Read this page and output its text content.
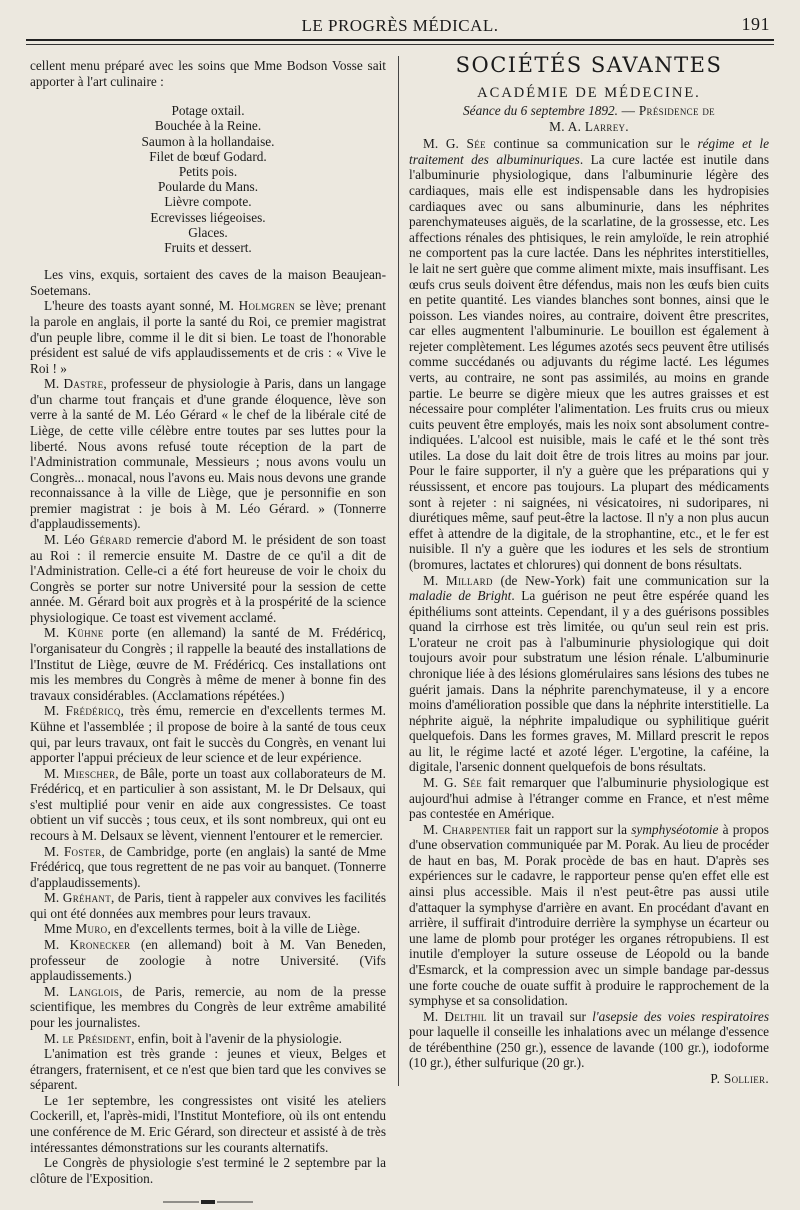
LE PROGRÈS MÉDICAL.	191

cellent menu préparé avec les soins que Mme Bodson Vosse sait apporter à l'art culinaire :

Potage oxtail.
Bouchée à la Reine.
Saumon à la hollandaise.
Filet de bœuf Godard.
Petits pois.
Poularde du Mans.
Lièvre compote.
Ecrevisses liégeoises.
Glaces.
Fruits et dessert.

Les vins, exquis, sortaient des caves de la maison Beaujean-Soetemans.

L'heure des toasts ayant sonné, M. Holmgren se lève; prenant la parole en anglais, il porte la santé du Roi, ce premier magistrat d'un peuple libre, comme il le dit si bien. Le toast de l'honorable président est salué de vifs applaudissements et de cris : « Vive le Roi ! »

M. Dastre, professeur de physiologie à Paris, dans un langage d'un charme tout français et d'une grande éloquence, lève son verre à la santé de M. Léo Gérard « le chef de la libérale cité de Liège, de cette ville célèbre entre toutes par ses luttes pour la liberté. Nous avons refusé toute réception de la part de l'Administration communale, Messieurs ; nous avons voulu un Congrès... monacal, nous l'avons eu. Mais nous devons une grande reconnaissance à la ville de Liège, que je personnifie en son premier magistrat : je bois à M. Léo Gérard. » (Tonnerre d'applaudissements).

M. Léo Gérard remercie d'abord M. le président de son toast au Roi : il remercie ensuite M. Dastre de ce qu'il a dit de l'Administration. Celle-ci a été fort heureuse de voir le choix du Congrès se porter sur notre Université pour la session de cette année. M. Gérard boit aux progrès et à la prospérité de la science physiologique. Ce toast est vivement acclamé.

M. Kühne porte (en allemand) la santé de M. Frédéricq, l'organisateur du Congrès ; il rappelle la beauté des installations de l'Institut de Liège, œuvre de M. Frédéricq. Ces installations ont mis les membres du Congrès à même de mener à bonne fin des travaux considérables. (Acclamations répétées.)

M. Frédéricq, très ému, remercie en d'excellents termes M. Kühne et l'assemblée ; il propose de boire à la santé de tous ceux qui, par leurs travaux, ont fait le succès du Congrès, en venant lui apporter l'appui précieux de leur science et de leur expérience.

M. Miescher, de Bâle, porte un toast aux collaborateurs de M. Frédéricq, et en particulier à son assistant, M. le Dr Delsaux, qui s'est multiplié pour venir en aide aux congressistes. Ce toast obtient un vif succès ; tous ceux, et ils sont nombreux, qui ont eu recours à M. Delsaux se lèvent, viennent l'entourer et le remercier.

M. Foster, de Cambridge, porte (en anglais) la santé de Mme Frédéricq, que tous regrettent de ne pas voir au banquet. (Tonnerre d'applaudissements).

M. Gréhant, de Paris, tient à rappeler aux convives les facilités qui ont été données aux membres pour leurs travaux.

Mme Muro, en d'excellents termes, boit à la ville de Liège.

M. Kronecker (en allemand) boit à M. Van Beneden, professeur de zoologie à notre Université. (Vifs applaudissements.)

M. Langlois, de Paris, remercie, au nom de la presse scientifique, les membres du Congrès de leur extrême amabilité pour les journalistes.

M. le Président, enfin, boit à l'avenir de la physiologie.

L'animation est très grande : jeunes et vieux, Belges et étrangers, fraternisent, et ce n'est que bien tard que les convives se séparent.

Le 1er septembre, les congressistes ont visité les ateliers Cockerill, et, l'après-midi, l'Institut Montefiore, où ils ont entendu une conférence de M. Eric Gérard, son directeur et assisté à de très intéressantes démonstrations sur les courants alternatifs.

Le Congrès de physiologie s'est terminé le 2 septembre par la clôture de l'Exposition.

SOCIÉTÉS SAVANTES
ACADÉMIE DE MÉDECINE.
Séance du 6 septembre 1892. — Présidence de
M. A. Larrey.

M. G. Sée continue sa communication sur le régime et le traitement des albuminuriques. La cure lactée est inutile dans l'albuminurie physiologique, dans l'albuminurie légère des cardiaques, mais elle est indispensable dans les hydropisies cardiaques avec ou sans albuminurie, dans les néphrites parenchymateuses aiguës, de la scarlatine, de la grossesse, etc. Les affections rénales des phtisiques, le rein amyloïde, le rein atrophié ne comportent pas la cure lactée. Dans les néphrites interstitielles, le lait ne sert guère que comme aliment mixte, mais insuffisant. Les œufs crus seuls doivent être défendus, mais non les œufs bien cuits en petite quantité. Les viandes blanches sont bonnes, ainsi que le poisson. Les viandes noires, au contraire, doivent être prescrites, car elles augmentent l'albuminurie. Le bouillon est également à rejeter complètement. Les légumes azotés secs peuvent être utilisés comme succédanés ou adjuvants du régime lacté. Les légumes verts, au contraire, ne sont pas assimilés, au moins en grande partie. Le beurre se digère mieux que les autres graisses et est nécessaire pour compléter l'alimentation. Les fruits crus ou mieux cuits peuvent être employés, mais les noix sont absolument contre-indiquées. L'alcool est nuisible, mais le café et le thé sont très utiles. La dose du lait doit être de trois litres au moins par jour. Pour le faire supporter, il n'y a guère que les préparations qui y réussissent, et encore pas toujours. La plupart des médicaments sont à rejeter : ni saignées, ni vésicatoires, ni sudoripares, ni diurétiques même, sauf peut-être la lactose. Il n'y a non plus aucun effet à attendre de la digitale, de la strophantine, etc., et le fer est nuisible. Il n'y a guère que les iodures et les sels de strontium (bromures, lactates et chlorures) qui donnent de bons résultats.

M. Millard (de New-York) fait une communication sur la maladie de Bright. La guérison ne peut être espérée quand les épithéliums sont atteints. Cependant, il y a des guérisons possibles quand la cirrhose est très limitée, ou qu'un seul rein est pris. L'orateur ne croit pas à l'albuminurie physiologique qui doit toujours avoir pour substratum une lésion rénale. L'albuminurie chronique liée à des lésions glomérulaires sans lésions des tubes ne guérit jamais. Dans la néphrite parenchymateuse, il y a encore moins d'amélioration possible que dans la néphrite interstitielle. La néphrite aiguë, la néphrite impaludique ou syphilitique guérit quelquefois. Dans les formes graves, M. Millard prescrit le repos au lit, le régime lacté et azoté léger. L'ergotine, la caféine, la digitale, l'arsenic donnent quelquefois de bons résultats.

M. G. Sée fait remarquer que l'albuminurie physiologique est aujourd'hui admise à l'étranger comme en France, et n'est même pas contestée en Amérique.

M. Charpentier fait un rapport sur la symphyséotomie à propos d'une observation communiquée par M. Porak. Au lieu de procéder de haut en bas, M. Porak procède de bas en haut. D'après ses expériences sur le cadavre, le rapporteur pense qu'en effet elle est ainsi plus accessible. Mais il n'est peut-être pas aussi utile d'attaquer la symphyse d'arrière en avant. En procédant d'avant en arrière, il suffirait d'introduire derrière la symphyse un écarteur ou une lame de plomb pour protéger les organes rétropubiens. Il est inutile d'employer la suture osseuse de Léopold ou la bande d'Esmarck, et la compression avec un simple bandage par-dessus une forte couche de ouate suffit à produire le rapprochement de la symphyse et sa consolidation.

M. Delthil lit un travail sur l'asepsie des voies respiratoires pour laquelle il conseille les inhalations avec un mélange d'essence de térébenthine (250 gr.), essence de lavande (100 gr.), iodoforme (10 gr.), éther sulfurique (20 gr.).

P. Sollier.
